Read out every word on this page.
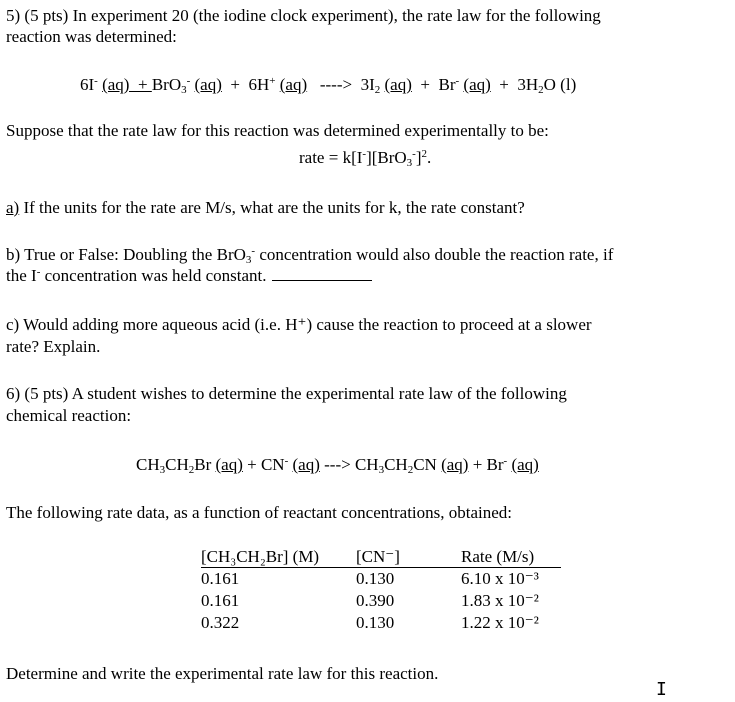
5) (5 pts) In experiment 20 (the iodine clock experiment), the rate law for the following
reaction was determined:
6I- (aq)  + BrO$_3$- (aq)  +  6H+ (aq)   ---->  $3I_2$ (aq)  +  Br- $(aq) + 3H_2O$ (l)
Suppose that the rate law for this reaction was determined experimentally to be:
rate = $k[I^-][BrO_3^-]^2$.
a) If the units for the rate are M/s, what are the units for k, the rate constant?
b) True or False: Doubling the BrO$_3$- concentration would also double the reaction rate, if
the I- concentration was held constant.
c) Would adding more aqueous acid (i.e. H⁺) cause the reaction to proceed at a slower
rate? Explain.
6) (5 pts) A student wishes to determine the experimental rate law of the following
chemical reaction:
$CH_3CH_2Br$ (aq) + CN- (aq) ---> $CH_3CH_2CN$ (aq) + Br- (aq)
The following rate data, as a function of reactant concentrations, obtained:
[CH₃CH₂Br] (M)	[CN⁻]	Rate (M/s)
0.161	0.130	6.10 x 10⁻³
0.161	0.390	1.83 x 10⁻²
0.322	0.130	1.22 x 10⁻²
Determine and write the experimental rate law for this reaction.
I
